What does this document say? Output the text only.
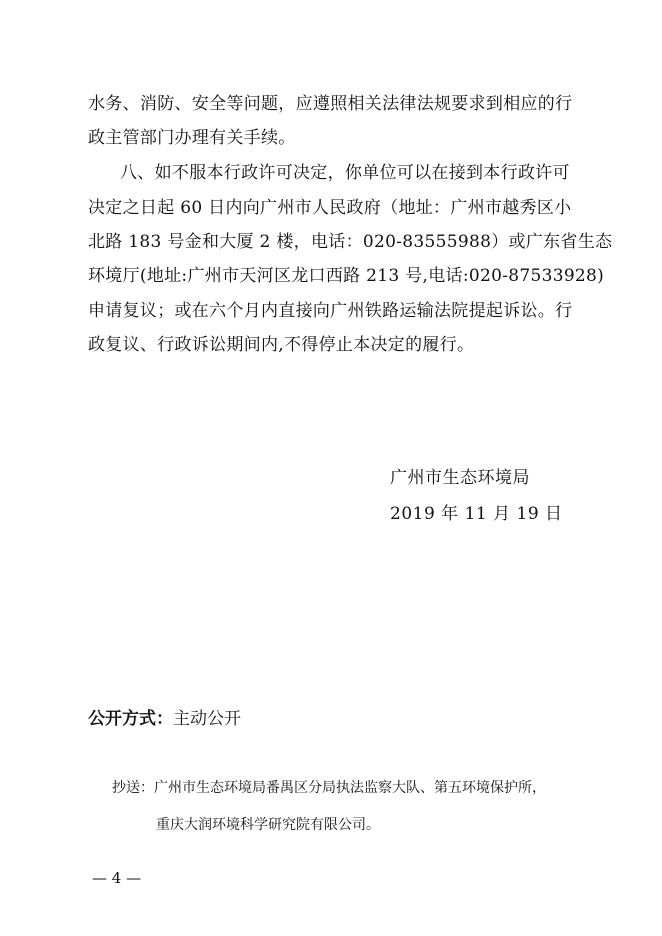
水务、消防、安全等问题，应遵照相关法律法规要求到相应的行
政主管部门办理有关手续。
八、如不服本行政许可决定，你单位可以在接到本行政许可
决定之日起 60 日内向广州市人民政府（地址：广州市越秀区小
北路 183 号金和大厦 2 楼，电话：020-83555988）或广东省生态
环境厅(地址:广州市天河区龙口西路 213 号,电话:020-87533928)
申请复议；或在六个月内直接向广州铁路运输法院提起诉讼。行
政复议、行政诉讼期间内,不得停止本决定的履行。
广州市生态环境局
2019 年 11 月 19 日
公开方式：主动公开
抄送：广州市生态环境局番禺区分局执法监察大队、第五环境保护所，
重庆大润环境科学研究院有限公司。
— 4 —
